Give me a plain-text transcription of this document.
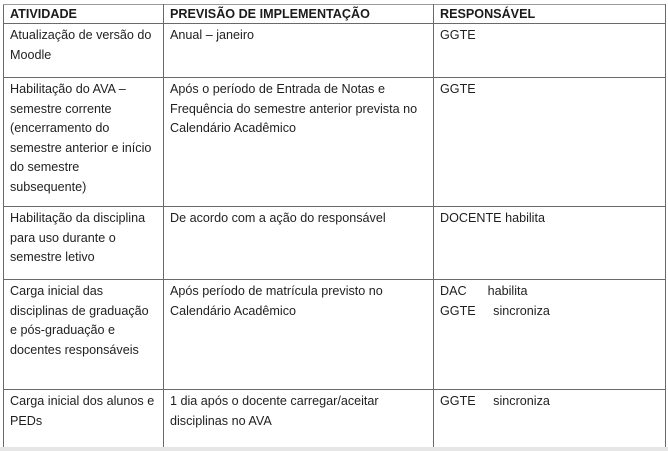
ATIVIDADE	PREVISÃO DE IMPLEMENTAÇÃO	RESPONSÁVEL
Atualização de versão do Moodle	Anual – janeiro	GGTE

Habilitação do AVA – semestre corrente (encerramento do semestre anterior e início do semestre subsequente)	Após o período de Entrada de Notas e Frequência do semestre anterior prevista no Calendário Acadêmico	GGTE

Habilitação da disciplina para uso durante o semestre letivo	De acordo com a ação do responsável	DOCENTE habilita

Carga inicial das disciplinas de graduação e pós-graduação e docentes responsáveis	Após período de matrícula previsto no Calendário Acadêmico	DAC      habilita
GGTE     sincroniza

Carga inicial dos alunos e PEDs	1 dia após o docente carregar/aceitar disciplinas no AVA	GGTE     sincroniza
